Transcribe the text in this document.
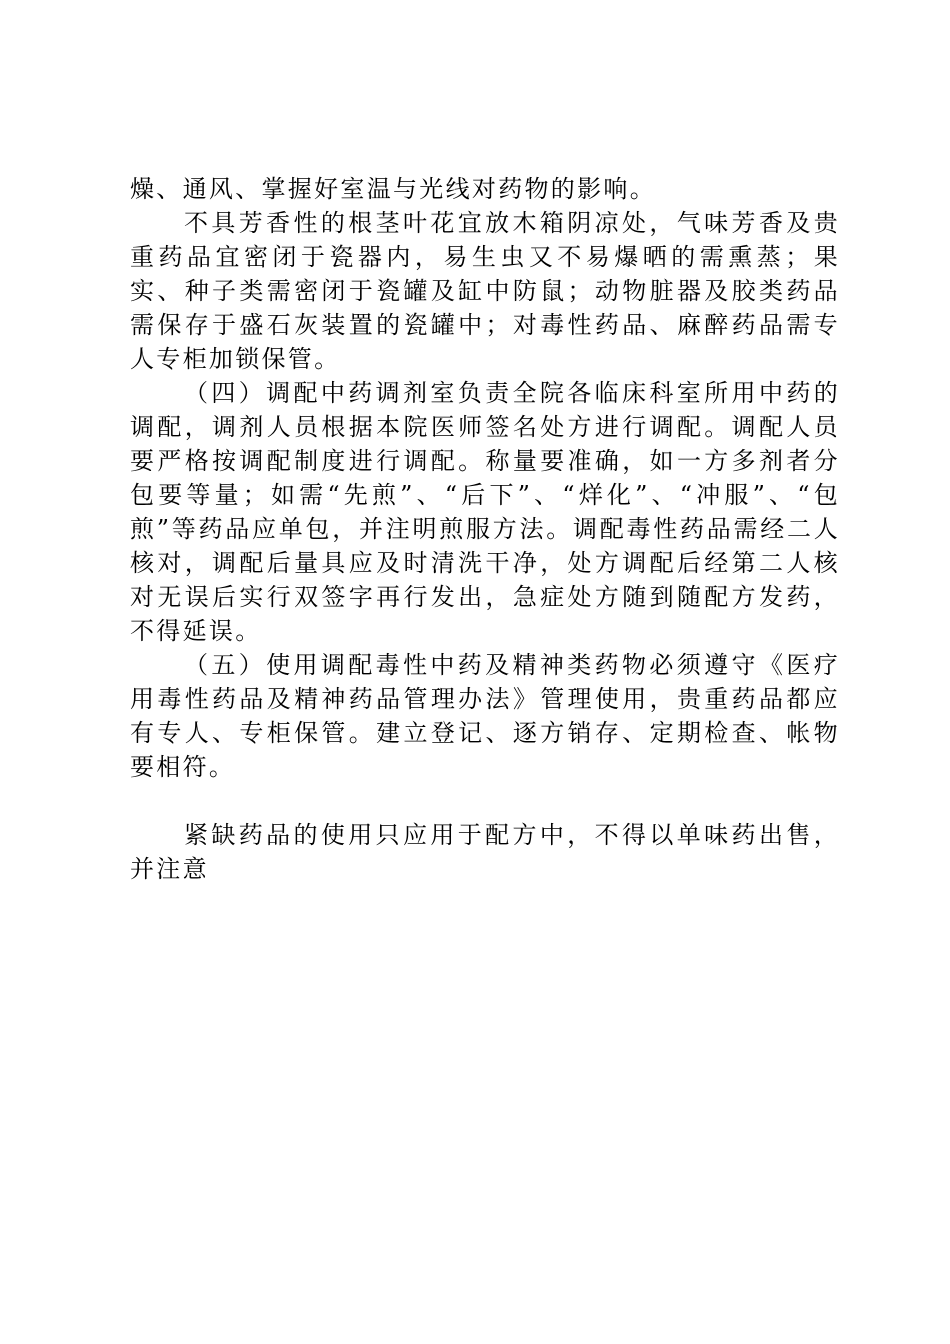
燥、通风、掌握好室温与光线对药物的影响。

不具芳香性的根茎叶花宜放木箱阴凉处，气味芳香及贵重药品宜密闭于瓷器内，易生虫又不易爆晒的需熏蒸；果实、种子类需密闭于瓷罐及缸中防鼠；动物脏器及胶类药品需保存于盛石灰装置的瓷罐中；对毒性药品、麻醉药品需专人专柜加锁保管。

（四）调配中药调剂室负责全院各临床科室所用中药的调配，调剂人员根据本院医师签名处方进行调配。调配人员要严格按调配制度进行调配。称量要准确，如一方多剂者分包要等量；如需“先煎”、“后下”、“烊化”、“冲服”、“包煎”等药品应单包，并注明煎服方法。调配毒性药品需经二人核对，调配后量具应及时清洗干净，处方调配后经第二人核对无误后实行双签字再行发出，急症处方随到随配方发药，不得延误。

（五）使用调配毒性中药及精神类药物必须遵守《医疗用毒性药品及精神药品管理办法》管理使用，贵重药品都应有专人、专柜保管。建立登记、逐方销存、定期检查、帐物要相符。

紧缺药品的使用只应用于配方中，不得以单味药出售，并注意
